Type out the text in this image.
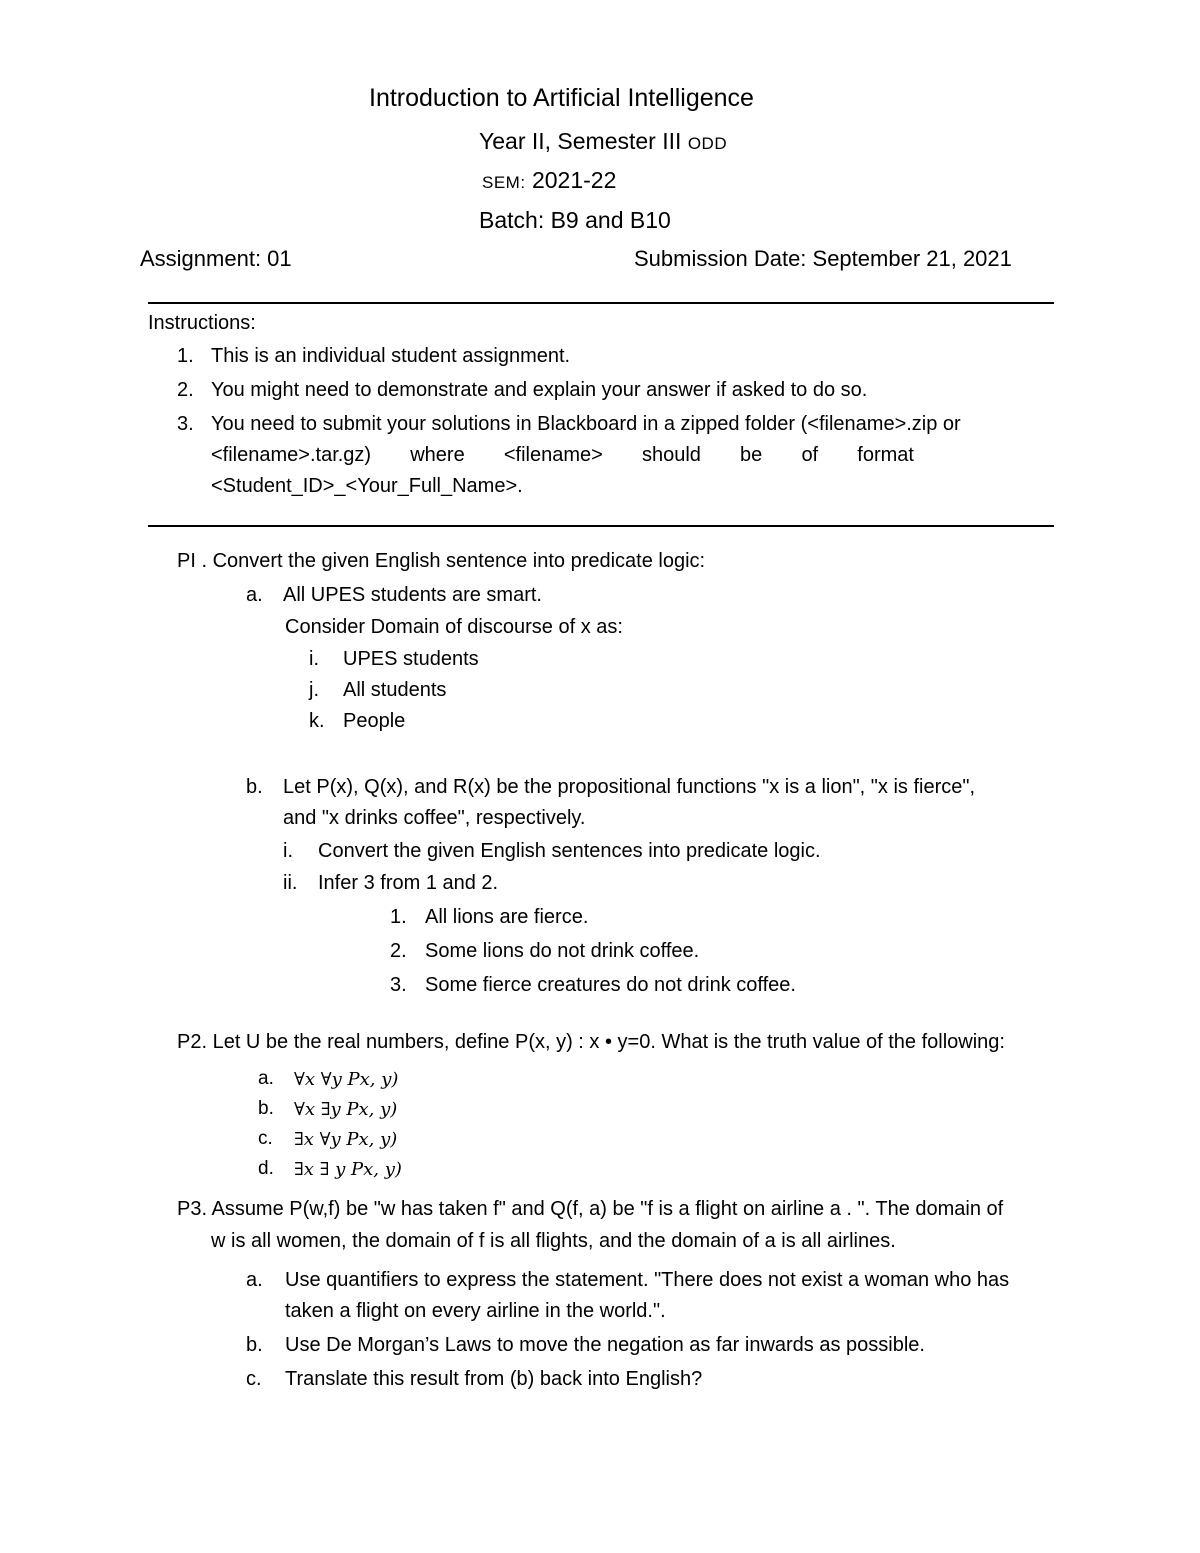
Introduction to Artificial Intelligence
Year II, Semester III ODD
SEM: 2021-22
Batch: B9 and B10
Assignment: 01	Submission Date: September 21, 2021
Instructions:
1. This is an individual student assignment.
2. You might need to demonstrate and explain your answer if asked to do so.
3. You need to submit your solutions in Blackboard in a zipped folder (<filename>.zip or
<filename>.tar.gz) where <filename> should be of format
<Student_ID>_<Your_Full_Name>.
PI . Convert the given English sentence into predicate logic:
a. All UPES students are smart.
Consider Domain of discourse of x as:
i. UPES students
j. All students
k. People
b. Let P(x), Q(x), and R(x) be the propositional functions "x is a lion", "x is fierce",
and "x drinks coffee", respectively.
i. Convert the given English sentences into predicate logic.
ii. Infer 3 from 1 and 2.
1. All lions are fierce.
2. Some lions do not drink coffee.
3. Some fierce creatures do not drink coffee.
P2. Let U be the real numbers, define P(x, y) : x • y=0. What is the truth value of the following:
a. ∀x ∀y Px, y)
b. ∀x ∃y Px, y)
c. ∃x ∀y Px, y)
d. ∃x ∃ y Px, y)
P3. Assume P(w,f) be "w has taken f" and Q(f, a) be "f is a flight on airline a . ". The domain of
w is all women, the domain of f is all flights, and the domain of a is all airlines.
a. Use quantifiers to express the statement. "There does not exist a woman who has
taken a flight on every airline in the world.".
b. Use De Morgan’s Laws to move the negation as far inwards as possible.
c. Translate this result from (b) back into English?
